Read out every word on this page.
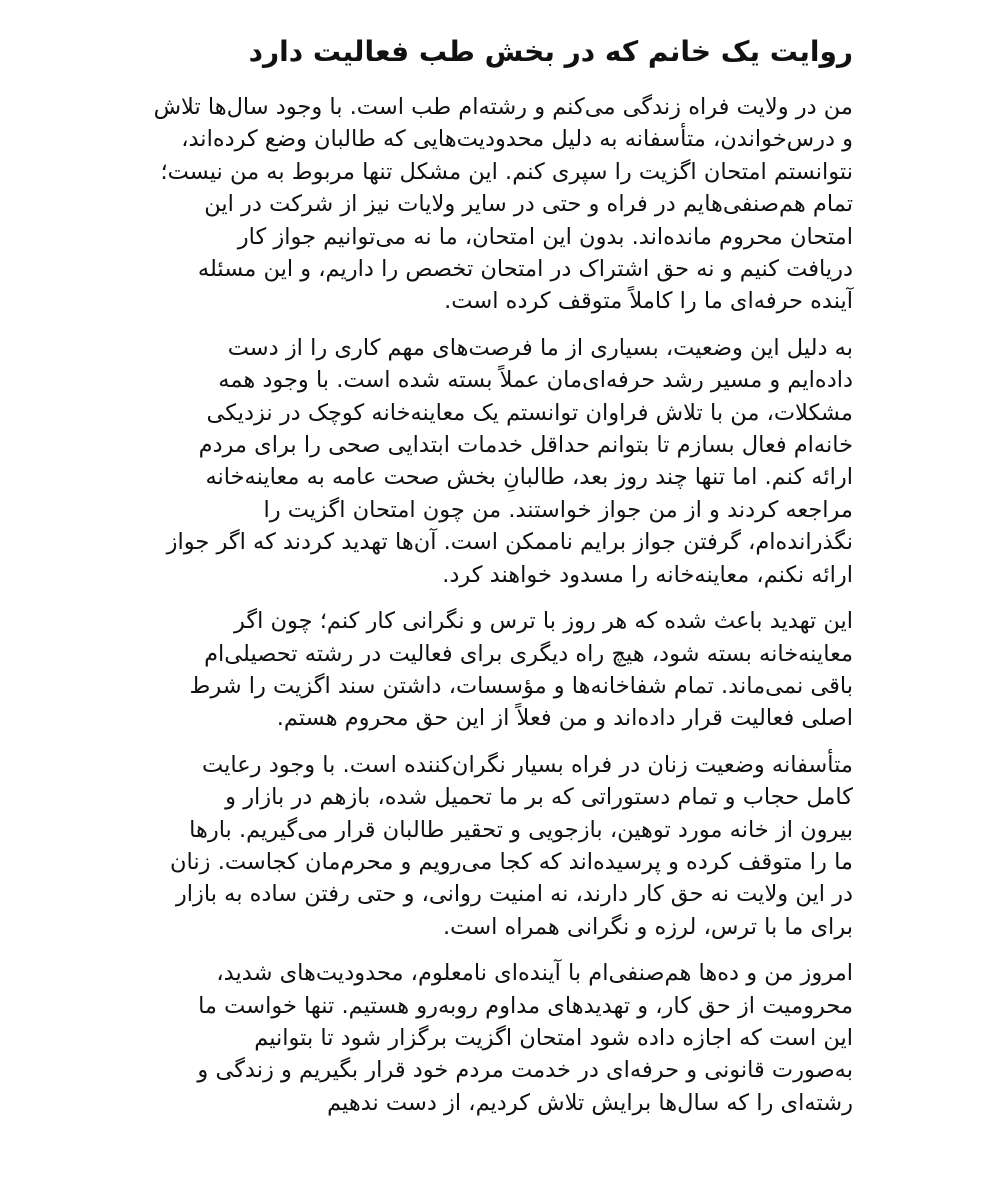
روایت یک خانم که در بخش طب فعالیت دارد
من در ولایت فراه زندگی می‌کنم و رشته‌ام طب است. با وجود سال‌ها تلاش
و درس‌خواندن، متأسفانه به دلیل محدودیت‌هایی که طالبان وضع کرده‌اند،
نتوانستم امتحان اگزیت را سپری کنم. این مشکل تنها مربوط به من نیست؛
تمام هم‌صنفی‌هایم در فراه و حتی در سایر ولایات نیز از شرکت در این
امتحان محروم مانده‌اند. بدون این امتحان، ما نه می‌توانیم جواز کار
دریافت کنیم و نه حق اشتراک در امتحان تخصص را داریم، و این مسئله
آینده حرفه‌ای ما را کاملاً متوقف کرده است.
به دلیل این وضعیت، بسیاری از ما فرصت‌های مهم کاری را از دست
داده‌ایم و مسیر رشد حرفه‌ای‌مان عملاً بسته شده است. با وجود همه
مشکلات، من با تلاش فراوان توانستم یک معاینه‌خانه کوچک در نزدیکی
خانه‌ام فعال بسازم تا بتوانم حداقل خدمات ابتدایی صحی را برای مردم
ارائه کنم. اما تنها چند روز بعد، طالبانِ بخش صحت عامه به معاینه‌خانه
مراجعه کردند و از من جواز خواستند. من چون امتحان اگزیت را
نگذرانده‌ام، گرفتن جواز برایم ناممکن است. آن‌ها تهدید کردند که اگر جواز
ارائه نکنم، معاینه‌خانه را مسدود خواهند کرد.
این تهدید باعث شده که هر روز با ترس و نگرانی کار کنم؛ چون اگر
معاینه‌خانه بسته شود، هیچ راه دیگری برای فعالیت در رشته تحصیلی‌ام
باقی نمی‌ماند. تمام شفاخانه‌ها و مؤسسات، داشتن سند اگزیت را شرط
اصلی فعالیت قرار داده‌اند و من فعلاً از این حق محروم هستم.
متأسفانه وضعیت زنان در فراه بسیار نگران‌کننده است. با وجود رعایت
کامل حجاب و تمام دستوراتی که بر ما تحمیل شده، بازهم در بازار و
بیرون از خانه مورد توهین، بازجویی و تحقیر طالبان قرار می‌گیریم. بارها
ما را متوقف کرده و پرسیده‌اند که کجا می‌رویم و محرم‌مان کجاست. زنان
در این ولایت نه حق کار دارند، نه امنیت روانی، و حتی رفتن ساده به بازار
برای ما با ترس، لرزه و نگرانی همراه است.
امروز من و ده‌ها هم‌صنفی‌ام با آینده‌ای نامعلوم، محدودیت‌های شدید،
محرومیت از حق کار، و تهدیدهای مداوم روبه‌رو هستیم. تنها خواست ما
این است که اجازه داده شود امتحان اگزیت برگزار شود تا بتوانیم
به‌صورت قانونی و حرفه‌ای در خدمت مردم خود قرار بگیریم و زندگی و
رشته‌ای را که سال‌ها برایش تلاش کردیم، از دست ندهیم
